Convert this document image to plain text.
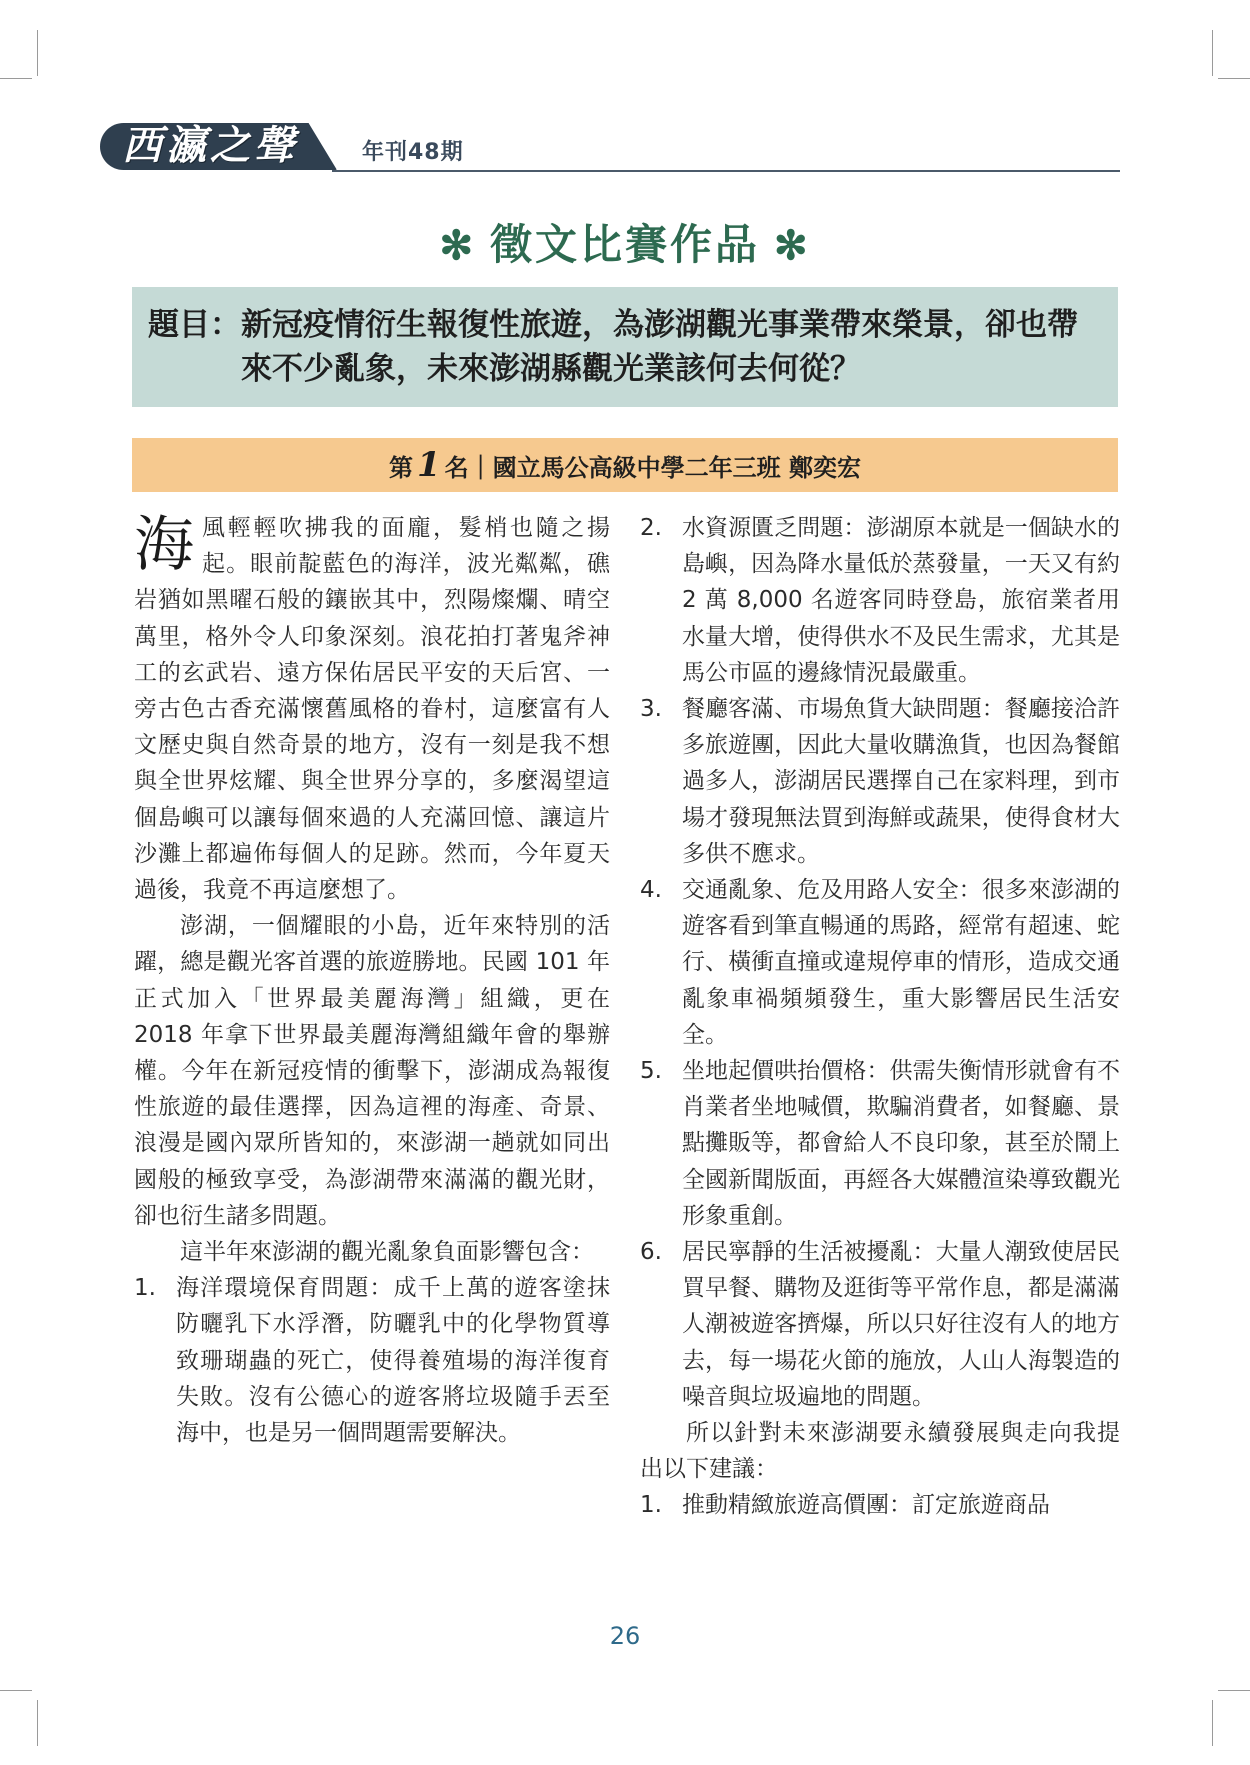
西瀛之聲	年刊48期
✻ 徵文比賽作品 ✻
題目： 新冠疫情衍生報復性旅遊，為澎湖觀光事業帶來榮景，卻也帶來不少亂象，未來澎湖縣觀光業該何去何從？
第 1 名｜國立馬公高級中學二年三班 鄭奕宏

海風輕輕吹拂我的面龐，髮梢也隨之揚起。眼前靛藍色的海洋，波光粼粼，礁岩猶如黑曜石般的鑲嵌其中，烈陽燦爛、晴空萬里，格外令人印象深刻。浪花拍打著鬼斧神工的玄武岩、遠方保佑居民平安的天后宮、一旁古色古香充滿懷舊風格的眷村，這麼富有人文歷史與自然奇景的地方，沒有一刻是我不想與全世界炫耀、與全世界分享的，多麼渴望這個島嶼可以讓每個來過的人充滿回憶、讓這片沙灘上都遍佈每個人的足跡。然而，今年夏天過後，我竟不再這麼想了。

澎湖，一個耀眼的小島，近年來特別的活躍，總是觀光客首選的旅遊勝地。民國 101 年正式加入「世界最美麗海灣」組織，更在 2018 年拿下世界最美麗海灣組織年會的舉辦權。今年在新冠疫情的衝擊下，澎湖成為報復性旅遊的最佳選擇，因為這裡的海產、奇景、浪漫是國內眾所皆知的，來澎湖一趟就如同出國般的極致享受，為澎湖帶來滿滿的觀光財，卻也衍生諸多問題。

這半年來澎湖的觀光亂象負面影響包含：

1. 海洋環境保育問題：成千上萬的遊客塗抹防曬乳下水浮潛，防曬乳中的化學物質導致珊瑚蟲的死亡，使得養殖場的海洋復育失敗。沒有公德心的遊客將垃圾隨手丟至海中，也是另一個問題需要解決。
2. 水資源匱乏問題：澎湖原本就是一個缺水的島嶼，因為降水量低於蒸發量，一天又有約 2 萬 8,000 名遊客同時登島，旅宿業者用水量大增，使得供水不及民生需求，尤其是馬公市區的邊緣情況最嚴重。
3. 餐廳客滿、市場魚貨大缺問題：餐廳接洽許多旅遊團，因此大量收購漁貨，也因為餐館過多人，澎湖居民選擇自己在家料理，到市場才發現無法買到海鮮或蔬果，使得食材大多供不應求。
4. 交通亂象、危及用路人安全：很多來澎湖的遊客看到筆直暢通的馬路，經常有超速、蛇行、橫衝直撞或違規停車的情形，造成交通亂象車禍頻頻發生，重大影響居民生活安全。
5. 坐地起價哄抬價格：供需失衡情形就會有不肖業者坐地喊價，欺騙消費者，如餐廳、景點攤販等，都會給人不良印象，甚至於鬧上全國新聞版面，再經各大媒體渲染導致觀光形象重創。
6. 居民寧靜的生活被擾亂：大量人潮致使居民買早餐、購物及逛街等平常作息，都是滿滿人潮被遊客擠爆，所以只好往沒有人的地方去，每一場花火節的施放，人山人海製造的噪音與垃圾遍地的問題。

所以針對未來澎湖要永續發展與走向我提出以下建議：

1. 推動精緻旅遊高價團：訂定旅遊商品
26
